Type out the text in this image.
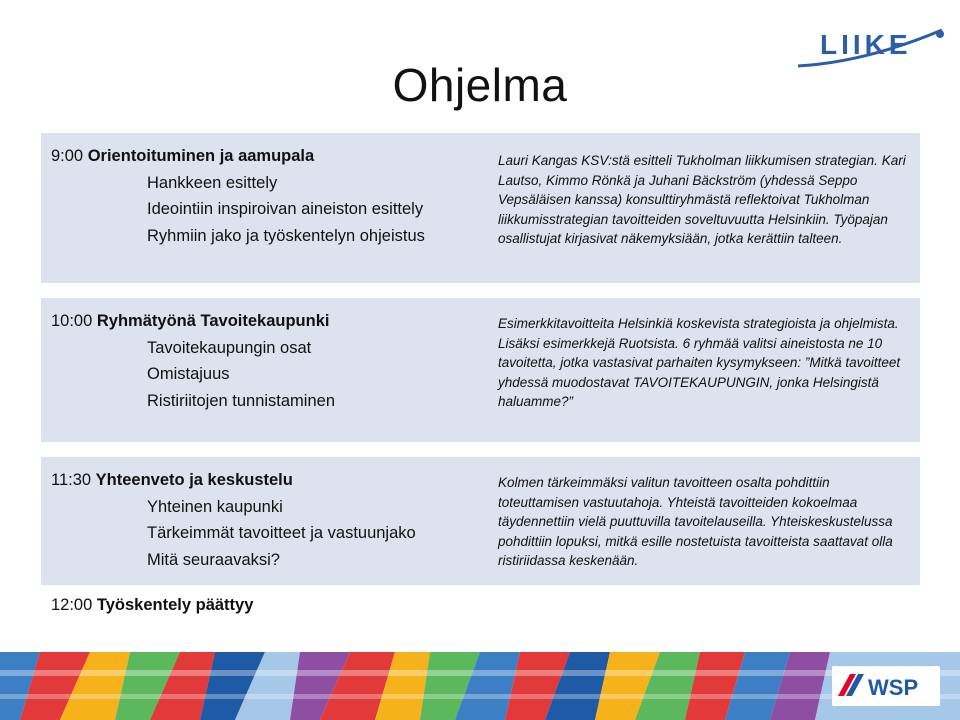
LIIKE
Ohjelma
9:00 Orientoituminen ja aamupala
Hankkeen esittely
Ideointiin inspiroivan aineiston esittely
Ryhmiin jako ja työskentelyn ohjeistus
Lauri Kangas KSV:stä esitteli Tukholman liikkumisen strategian. Kari Lautso, Kimmo Rönkä ja Juhani Bäckström (yhdessä Seppo Vepsäläisen kanssa) konsulttiryhmästä reflektoivat Tukholman liikkumisstrategian tavoitteiden soveltuvuutta Helsinkiin. Työpajan osallistujat kirjasivat näkemyksiään, jotka kerättiin talteen.
10:00 Ryhmätyönä Tavoitekaupunki
Tavoitekaupungin osat
Omistajuus
Ristiriitojen tunnistaminen
Esimerkkitavoitteita Helsinkiä koskevista strategioista ja ohjelmista. Lisäksi esimerkkejä Ruotsista. 6 ryhmää valitsi aineistosta ne 10 tavoitetta, jotka vastasivat parhaiten kysymykseen: ”Mitkä tavoitteet yhdessä muodostavat TAVOITEKAUPUNGIN, jonka Helsingistä haluamme?”
11:30 Yhteenveto ja keskustelu
Yhteinen kaupunki
Tärkeimmät tavoitteet ja vastuunjako
Mitä seuraavaksi?
Kolmen tärkeimmäksi valitun tavoitteen osalta pohdittiin toteuttamisen vastuutahoja. Yhteistä tavoitteiden kokoelmaa täydennettiin vielä puuttuvilla tavoitelauseilla. Yhteiskeskustelussa pohdittiin lopuksi, mitkä esille nostetuista tavoitteista saattavat olla ristiriidassa keskenään.
12:00 Työskentely päättyy
WSP
